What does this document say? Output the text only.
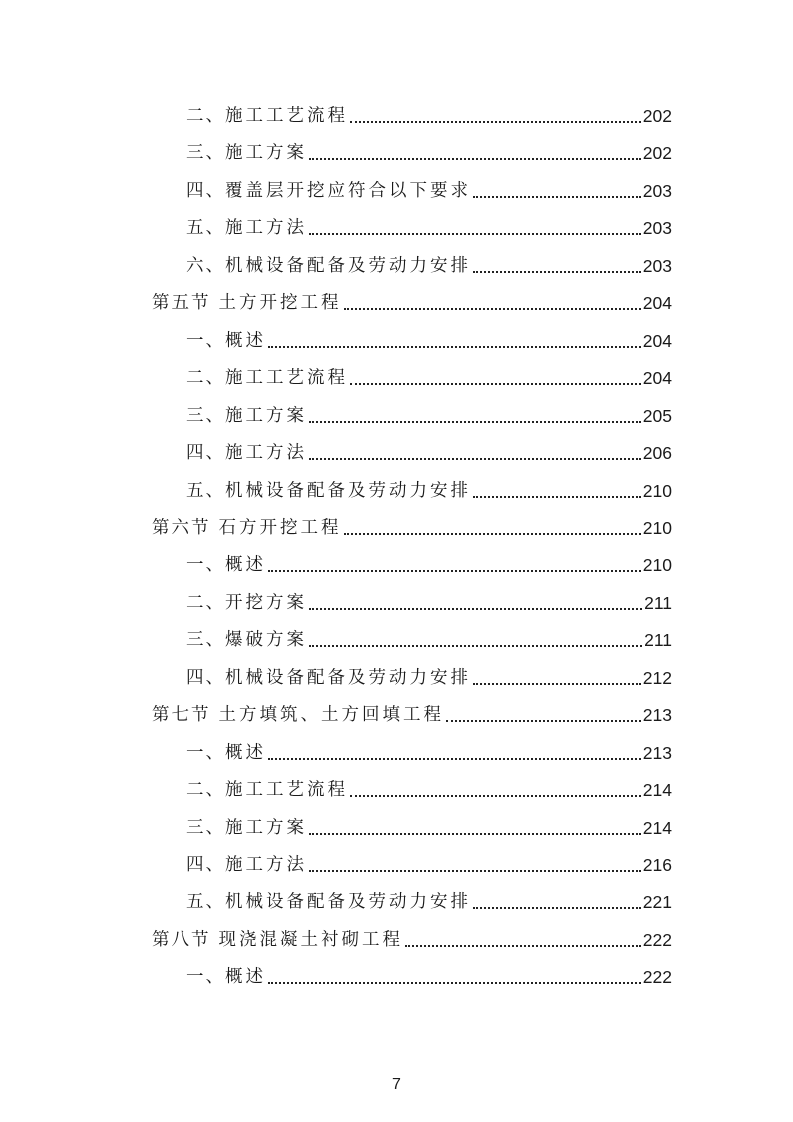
二、 施工工艺流程	202
三、 施工方案	202
四、 覆盖层开挖应符合以下要求	203
五、 施工方法	203
六、 机械设备配备及劳动力安排	203
第五节 土方开挖工程	204
一、 概述	204
二、 施工工艺流程	204
三、 施工方案	205
四、 施工方法	206
五、 机械设备配备及劳动力安排	210
第六节 石方开挖工程	210
一、 概述	210
二、 开挖方案	211
三、 爆破方案	211
四、 机械设备配备及劳动力安排	212
第七节 土方填筑、土方回填工程	213
一、 概述	213
二、 施工工艺流程	214
三、 施工方案	214
四、 施工方法	216
五、 机械设备配备及劳动力安排	221
第八节 现浇混凝土衬砌工程	222
一、 概述	222
7
